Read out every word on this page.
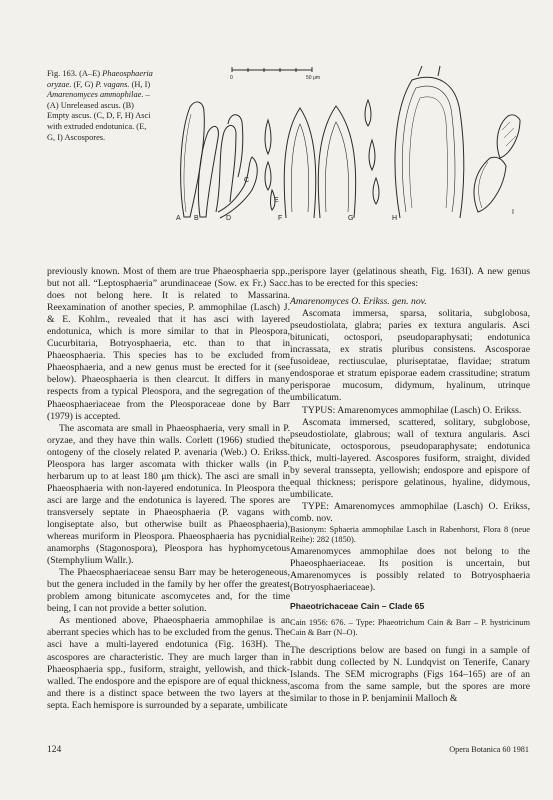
Fig. 163. (A–E) Phaeosphaeria oryzae. (F, G) P. vagans. (H, I) Amarenomyces ammophilae. – (A) Unreleased ascus. (B) Empty ascus. (C, D, F, H) Asci with extruded endotunica. (E, G, I) Ascospores.
0	50 μm
A B
C
D
E
F	G	H
I

previously known. Most of them are true Phaeosphaeria spp., but not all. “Leptosphaeria” arundinaceae (Sow. ex Fr.) Sacc. does not belong here. It is related to Massarina. Reexamination of another species, P. ammophilae (Lasch) J. & E. Kohlm., revealed that it has asci with layered endotunica, which is more similar to that in Pleospora, Cucurbitaria, Botryosphaeria, etc. than to that in Phaeosphaeria. This species has to be excluded from Phaeosphaeria, and a new genus must be erected for it (see below). Phaeosphaeria is then clearcut. It differs in many respects from a typical Pleospora, and the segregation of the Phaeosphaeriaceae from the Pleosporaceae done by Barr (1979) is accepted.

The ascomata are small in Phaeosphaeria, very small in P. oryzae, and they have thin walls. Corlett (1966) studied the ontogeny of the closely related P. avenaria (Web.) O. Erikss. Pleospora has larger ascomata with thicker walls (in P. herbarum up to at least 180 μm thick). The asci are small in Phaeosphaeria with non-layered endotunica. In Pleospora the asci are large and the endotunica is layered. The spores are transversely septate in Phaeosphaeria (P. vagans with longiseptate also, but otherwise built as Phaeosphaeria), whereas muriform in Pleospora. Phaeosphaeria has pycnidial anamorphs (Stagonospora), Pleospora has hyphomycetous (Stemphylium Wallr.).

The Phaeosphaeriaceae sensu Barr may be heterogeneous, but the genera included in the family by her offer the greatest problem among bitunicate ascomycetes and, for the time being, I can not provide a better solution.

As mentioned above, Phaeosphaeria ammophilae is an aberrant species which has to be excluded from the genus. The asci have a multi-layered endotunica (Fig. 163H). The ascospores are characteristic. They are much larger than in Phaeosphaeria spp., fusiform, straight, yellowish, and thick-walled. The endospore and the epispore are of equal thickness, and there is a distinct space between the two layers at the septa. Each hemispore is surrounded by a separate, umbilicate

perispore layer (gelatinous sheath, Fig. 163I). A new genus has to be erected for this species:

Amarenomyces O. Erikss. gen. nov.

Ascomata immersa, sparsa, solitaria, subglobosa, pseudostiolata, glabra; paries ex textura angularis. Asci bitunicati, octospori, pseudoparaphysati; endotunica incrassata, ex stratis pluribus consistens. Ascosporae fusoideae, rectiusculae, pluriseptatae, flavidae; stratum endosporae et stratum episporae eadem crassitudine; stratum perisporae mucosum, didymum, hyalinum, utrinque umbilicatum.

TYPUS: Amarenomyces ammophilae (Lasch) O. Erikss.

Ascomata immersed, scattered, solitary, subglobose, pseudostiolate, glabrous; wall of textura angularis. Asci bitunicate, octosporous, pseudoparaphysate; endotunica thick, multi-layered. Ascospores fusiform, straight, divided by several transsepta, yellowish; endospore and epispore of equal thickness; perispore gelatinous, hyaline, didymous, umbilicate.

TYPE: Amarenomyces ammophilae (Lasch) O. Erikss, comb. nov.

Basionym: Sphaeria ammophilae Lasch in Rabenhorst, Flora 8 (neue Reihe): 282 (1850).

Amarenomyces ammophilae does not belong to the Phaeosphaeriaceae. Its position is uncertain, but Amarenomyces is possibly related to Botryosphaeria (Botryosphaeriaceae).

Phaeotrichaceae Cain – Clade 65

Cain 1956: 676. – Type: Phaeotrichum Cain & Barr – P. hystricinum Cain & Barr (N–O).

The descriptions below are based on fungi in a sample of rabbit dung collected by N. Lundqvist on Tenerife, Canary Islands. The SEM micrographs (Figs 164–165) are of an ascoma from the same sample, but the spores are more similar to those in P. benjaminii Malloch &

124	Opera Botanica 60 1981
